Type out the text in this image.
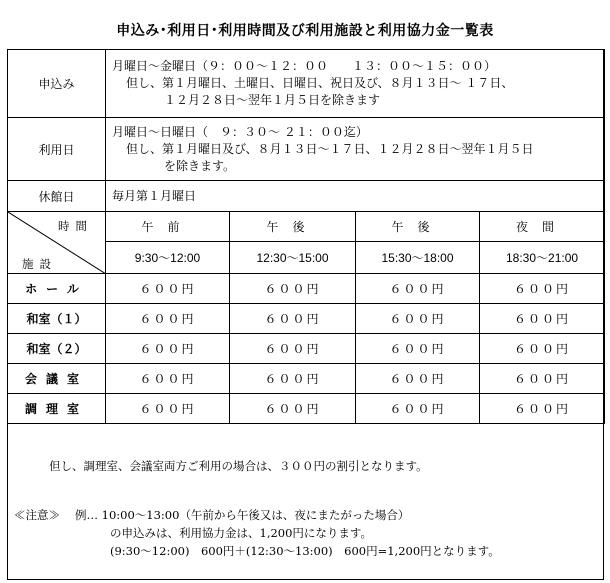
申込み･利用日･利用時間及び利用施設と利用協力金一覧表
申込み	月曜日～金曜日（９：００～１２：００　　１３：００～１５：００）
但し、第１月曜日、土曜日、日曜日、祝日及び、８月１３日～ １７日、
１２月２８日～翌年１月５日を除きます			

利用日	月曜日～日曜日（　９：３０～ ２１：００迄）
但し、第１月曜日及び、８月１３日～１７日、１２月２８日～翌年１月５日
を除きます。			

休館日	毎月第１月曜日			

時間
施設	午前	午後	午後	夜間
	9:30～12:00	12:30～15:00	15:30～18:00	18:30～21:00
ホール	６００円	６００円	６００円	６００円
和室（１）	６００円	６００円	６００円	６００円
和室（２）	６００円	６００円	６００円	６００円
会議室	６００円	６００円	６００円	６００円
調理室	６００円	６００円	６００円	６００円
但し、調理室、会議室両方ご利用の場合は、３００円の割引となります。
≪注意≫ 例… 10:00～13:00（午前から午後又は、夜にまたがった場合）
の申込みは、利用協力金は、1,200円になります。
(9:30～12:00)　600円＋(12:30～13:00)　600円=1,200円となります。
